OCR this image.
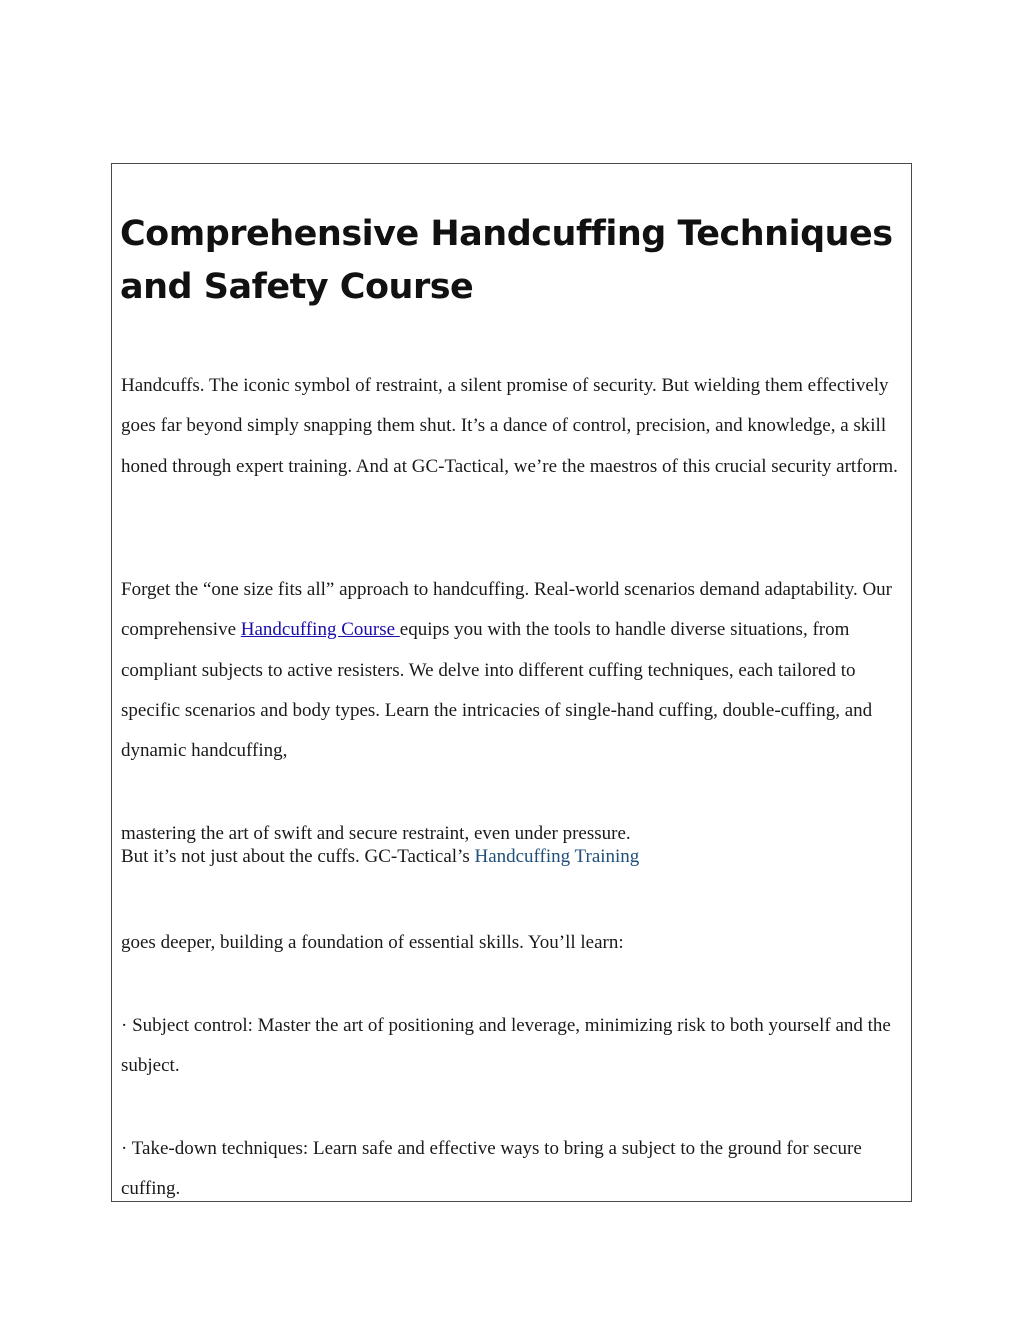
Comprehensive Handcuffing Techniques and Safety Course

Handcuffs. The iconic symbol of restraint, a silent promise of security. But wielding them effectively goes far beyond simply snapping them shut. It’s a dance of control, precision, and knowledge, a skill honed through expert training. And at GC-Tactical, we’re the maestros of this crucial security artform.

Forget the “one size fits all” approach to handcuffing. Real-world scenarios demand adaptability. Our comprehensive Handcuffing Course equips you with the tools to handle diverse situations, from compliant subjects to active resisters. We delve into different cuffing techniques, each tailored to specific scenarios and body types. Learn the intricacies of single-hand cuffing, double-cuffing, and dynamic handcuffing,

mastering the art of swift and secure restraint, even under pressure.
But it’s not just about the cuffs. GC-Tactical’s Handcuffing Training

goes deeper, building a foundation of essential skills. You’ll learn:

· Subject control: Master the art of positioning and leverage, minimizing risk to both yourself and the subject.

· Take-down techniques: Learn safe and effective ways to bring a subject to the ground for secure cuffing.
